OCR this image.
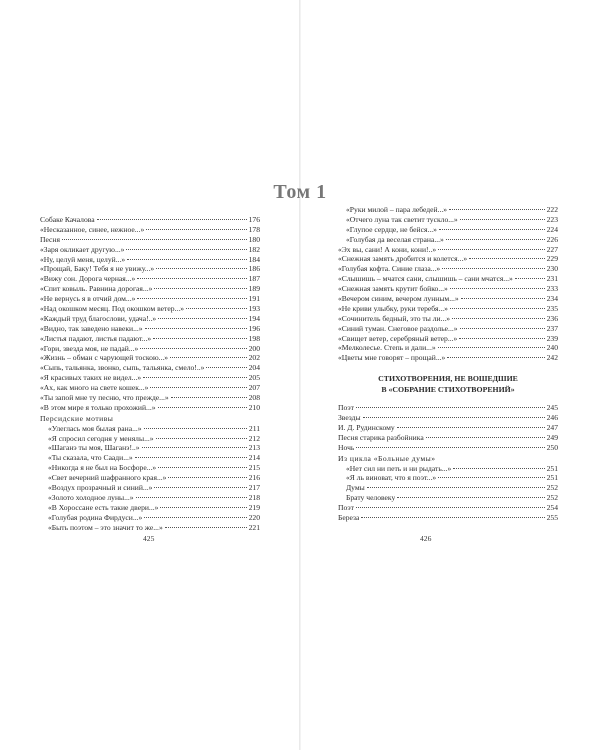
Том 1
Собаке Качалова	176
«Несказанное, синее, нежное...»	178
Песня	180
«Заря окликает другую...»	182
«Ну, целуй меня, целуй...»	184
«Прощай, Баку! Тебя я не увижу...»	186
«Вижу сон. Дорога черная...»	187
«Спит ковыль. Равнина дорогая...»	189
«Не вернусь я в отчий дом...»	191
«Над окошком месяц. Под окошком ветер...»	193
«Каждый труд благослови, удача!..»	194
«Видно, так заведено навеки...»	196
«Листья падают, листья падают...»	198
«Гори, звезда моя, не падай...»	200
«Жизнь – обман с чарующей тоскою...»	202
«Сыпь, тальянка, звонко, сыпь, тальянка, смело!..»	204
«Я красивых таких не видел...»	205
«Ах, как много на свете кошек...»	207
«Ты запой мне ту песню, что прежде...»	208
«В этом мире я только прохожий...»	210
Персидские мотивы
«Улеглась моя былая рана...»	211
«Я спросил сегодня у менялы...»	212
«Шаганэ ты моя, Шаганэ!..»	213
«Ты сказала, что Саади...»	214
«Никогда я не был на Босфоре...»	215
«Свет вечерний шафранного края...»	216
«Воздух прозрачный и синий...»	217
«Золото холодное луны...»	218
«В Хороссане есть такие двери...»	219
«Голубая родина Фирдуси...»	220
«Быть поэтом – это значит то же...»	221
«Руки милой – пара лебедей...»	222
«Отчего луна так светит тускло...»	223
«Глупое сердце, не бейся...»	224
«Голубая да веселая страна...»	226
«Эх вы, сани! А кони, кони!..»	227
«Снежная замять дробится и колется...»	229
«Голубая кофта. Синие глаза...»	230
«Слышишь – мчатся сани, слышишь – сани мчатся...»	231
«Снежная замять крутит бойко...»	233
«Вечером синим, вечером лунным...»	234
«Не криви улыбку, руки теребя...»	235
«Сочинитель бедный, это ты ли...»	236
«Синий туман. Снеговое раздолье...»	237
«Свищет ветер, серебряный ветер...»	239
«Мелколесье. Степь и дали...»	240
«Цветы мне говорят – прощай...»	242
СТИХОТВОРЕНИЯ, НЕ ВОШЕДШИЕ
В «СОБРАНИЕ СТИХОТВОРЕНИЙ»
Поэт	245
Звезды	246
И. Д. Рудинскому	247
Песня старика разбойника	249
Ночь	250
Из цикла «Больные думы»
«Нет сил ни петь и ни рыдать...»	251
«Я ль виноват, что я поэт...»	251
Думы	252
Брату человеку	252
Поэт	254
Береза	255
425	426
